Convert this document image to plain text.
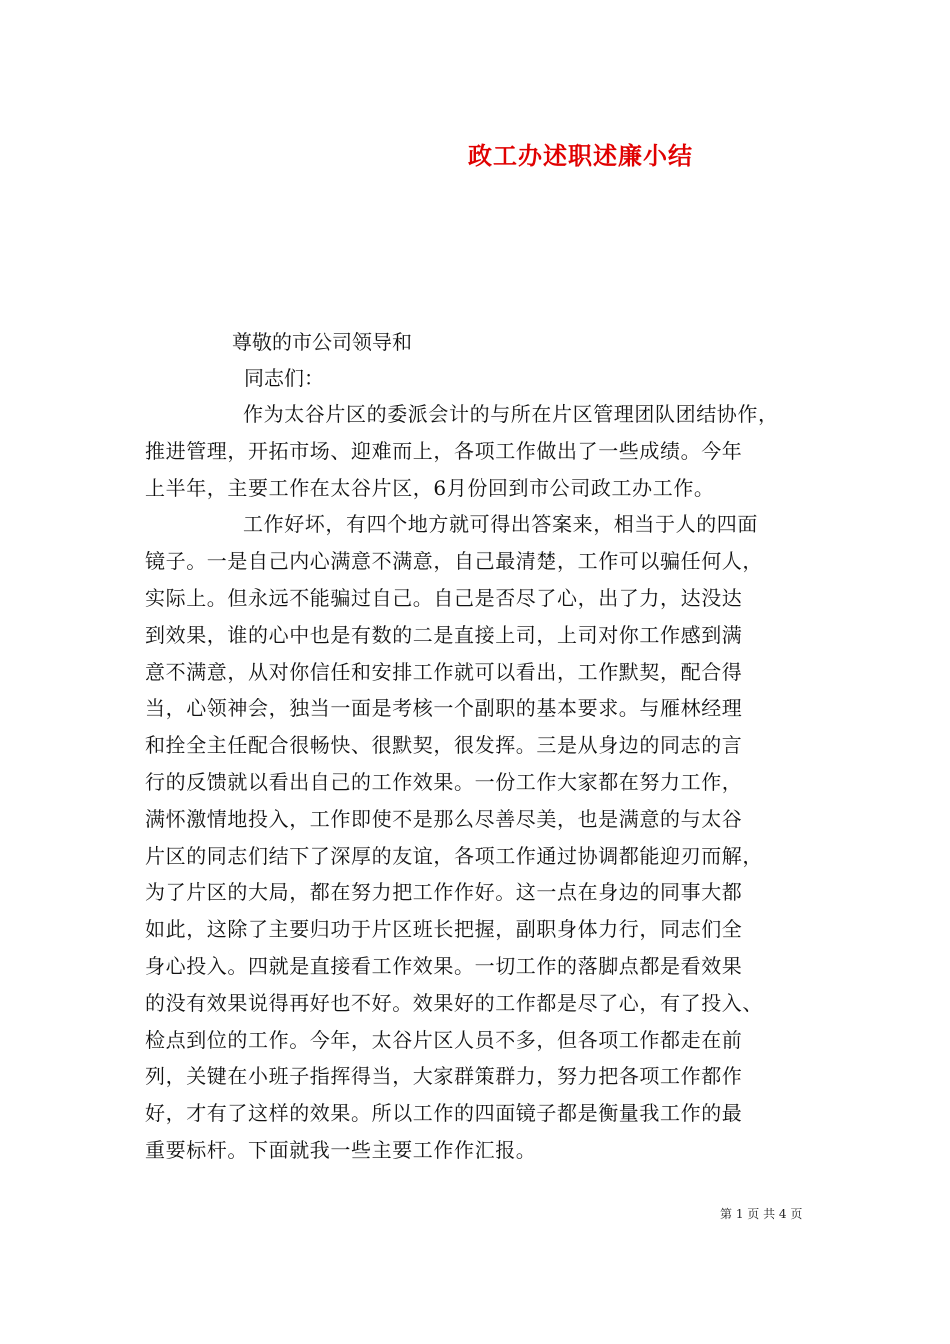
政工办述职述廉小结
尊敬的市公司领导和
同志们：
作为太谷片区的委派会计的与所在片区管理团队团结协作，
推进管理，开拓市场、迎难而上，各项工作做出了一些成绩。今年
上半年，主要工作在太谷片区，6月份回到市公司政工办工作。
工作好坏，有四个地方就可得出答案来，相当于人的四面
镜子。一是自己内心满意不满意，自己最清楚，工作可以骗任何人，
实际上。但永远不能骗过自己。自己是否尽了心，出了力，达没达
到效果，谁的心中也是有数的二是直接上司，上司对你工作感到满
意不满意，从对你信任和安排工作就可以看出，工作默契，配合得
当，心领神会，独当一面是考核一个副职的基本要求。与雁林经理
和拴全主任配合很畅快、很默契，很发挥。三是从身边的同志的言
行的反馈就以看出自己的工作效果。一份工作大家都在努力工作，
满怀激情地投入，工作即使不是那么尽善尽美，也是满意的与太谷
片区的同志们结下了深厚的友谊，各项工作通过协调都能迎刃而解，
为了片区的大局，都在努力把工作作好。这一点在身边的同事大都
如此，这除了主要归功于片区班长把握，副职身体力行，同志们全
身心投入。四就是直接看工作效果。一切工作的落脚点都是看效果
的没有效果说得再好也不好。效果好的工作都是尽了心，有了投入、
检点到位的工作。今年，太谷片区人员不多，但各项工作都走在前
列，关键在小班子指挥得当，大家群策群力，努力把各项工作都作
好，才有了这样的效果。所以工作的四面镜子都是衡量我工作的最
重要标杆。下面就我一些主要工作作汇报。
第 1 页 共 4 页
